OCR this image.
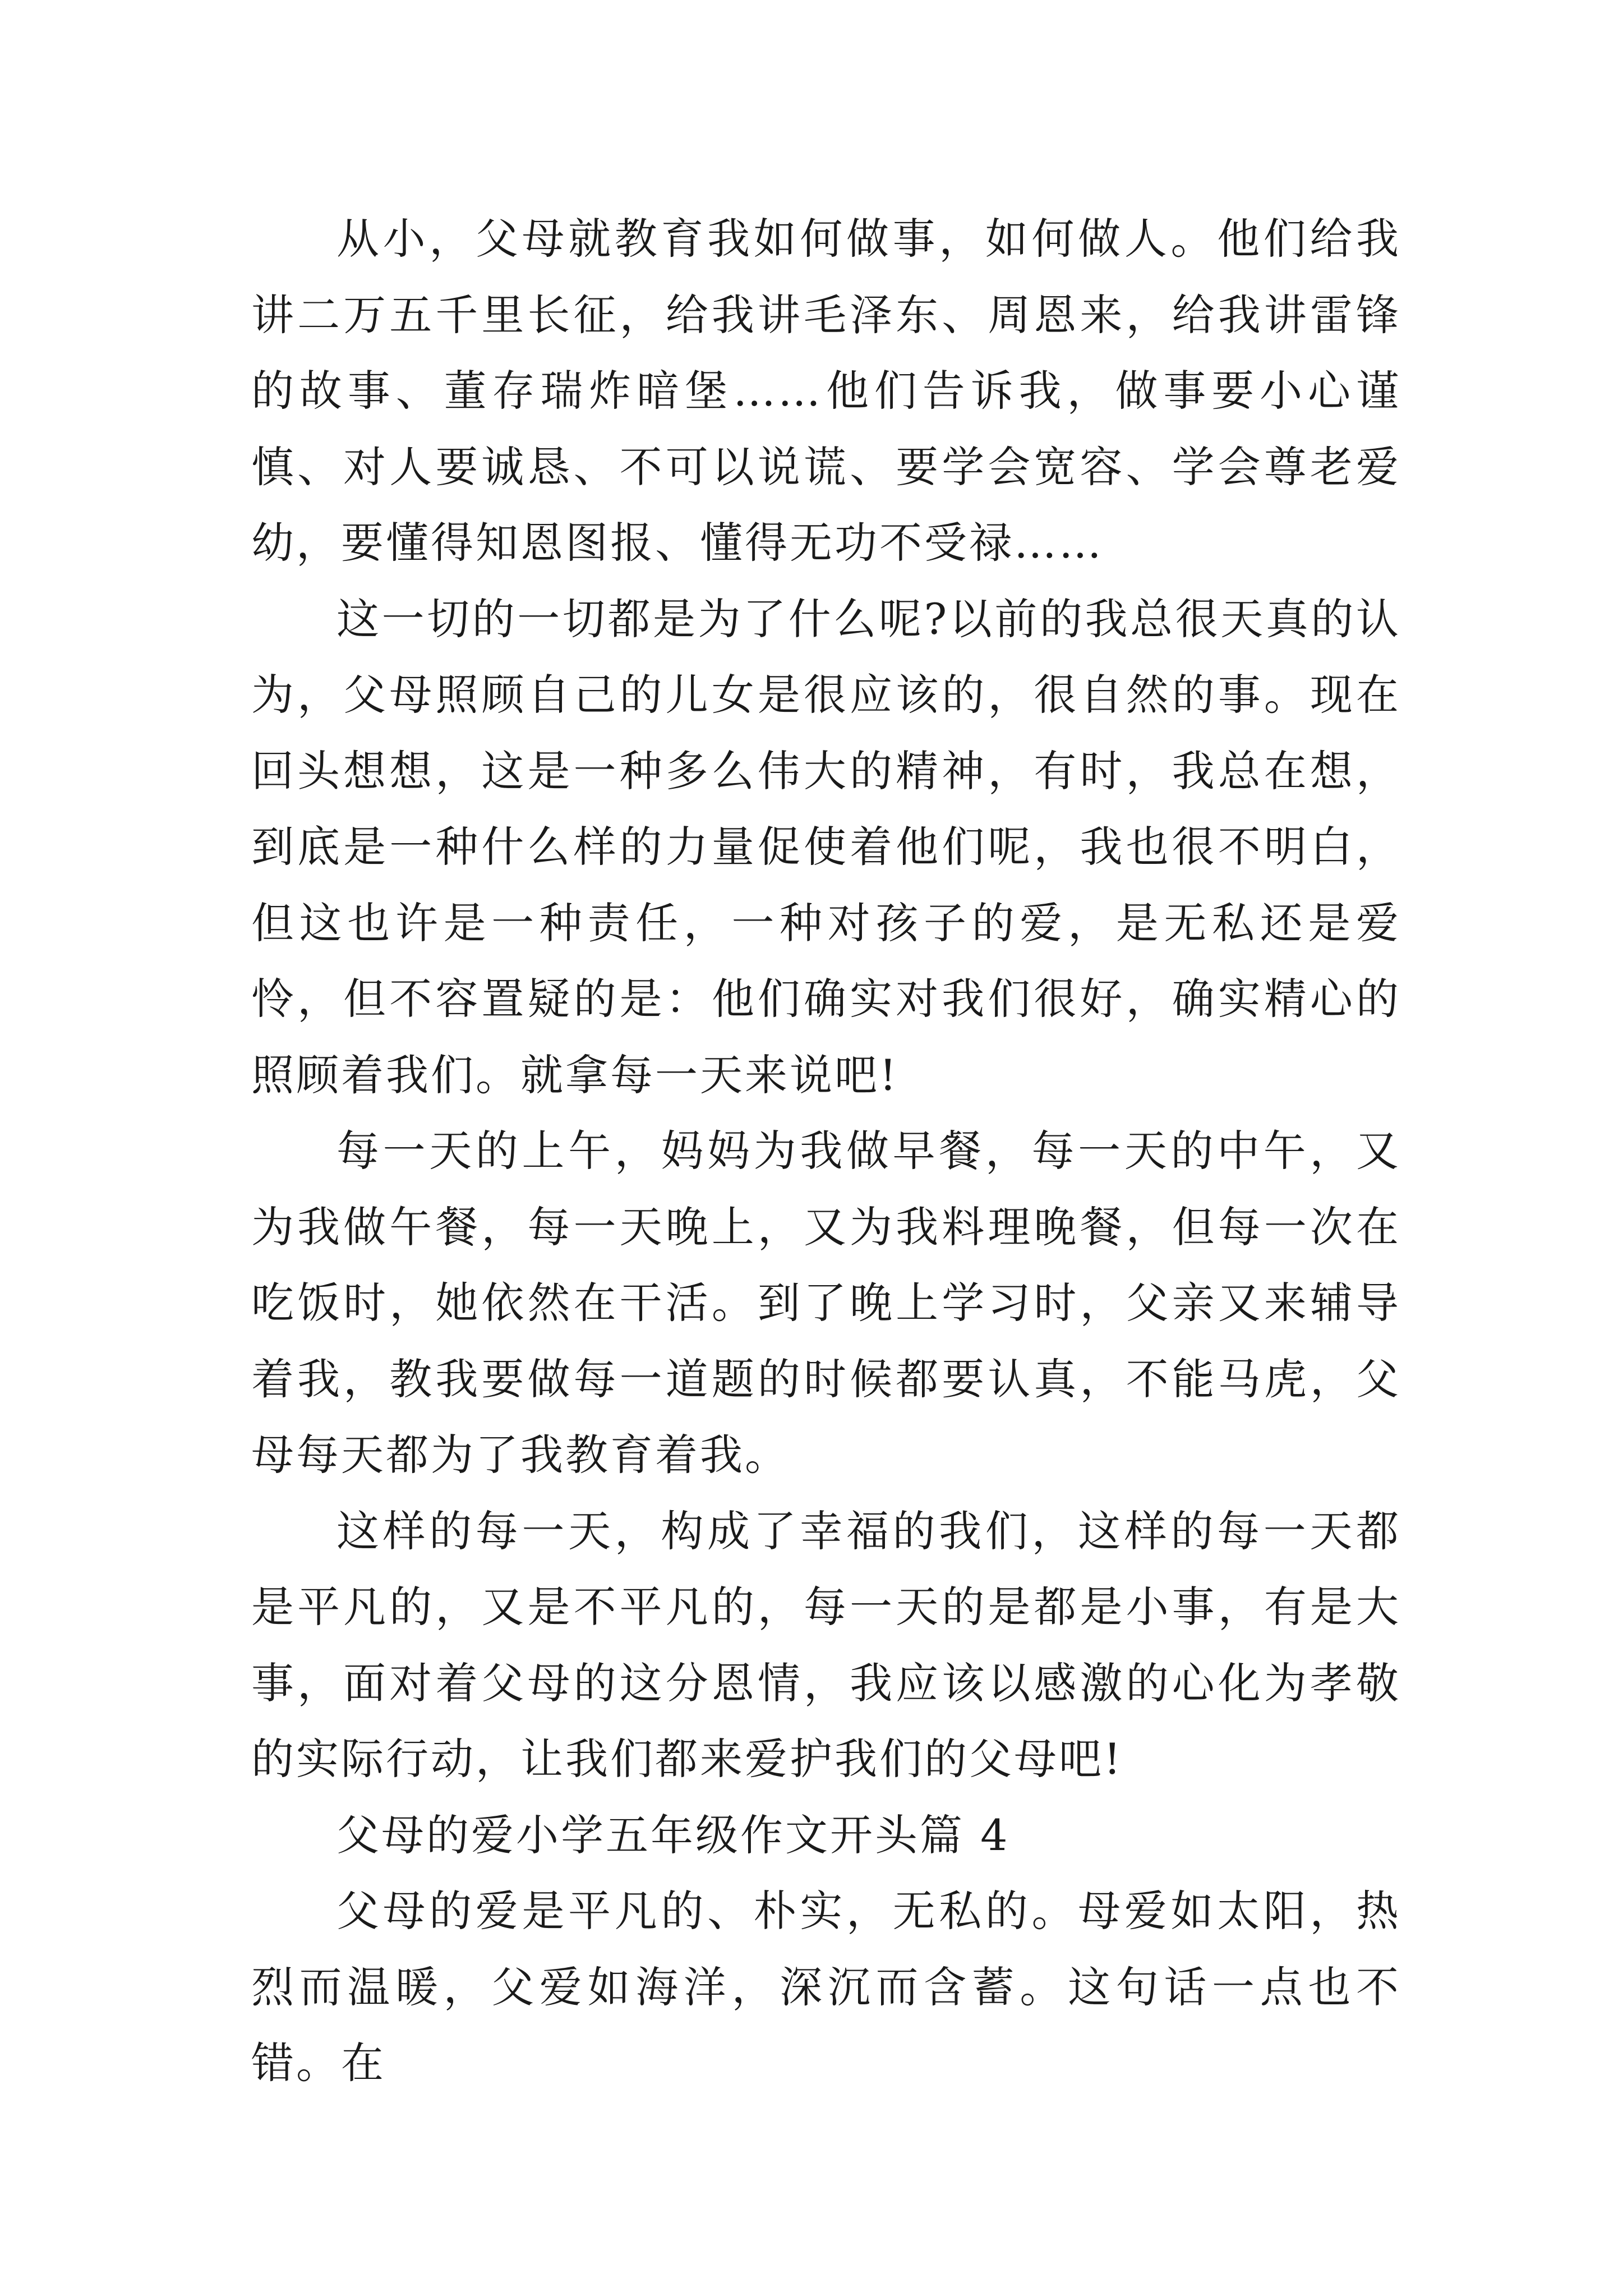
从小，父母就教育我如何做事，如何做人。他们给我讲二万五千里长征，给我讲毛泽东、周恩来，给我讲雷锋的故事、董存瑞炸暗堡……他们告诉我，做事要小心谨慎、对人要诚恳、不可以说谎、要学会宽容、学会尊老爱幼，要懂得知恩图报、懂得无功不受禄……

这一切的一切都是为了什么呢?以前的我总很天真的认为，父母照顾自己的儿女是很应该的，很自然的事。现在回头想想，这是一种多么伟大的精神，有时，我总在想，到底是一种什么样的力量促使着他们呢，我也很不明白，但这也许是一种责任，一种对孩子的爱，是无私还是爱怜，但不容置疑的是：他们确实对我们很好，确实精心的照顾着我们。就拿每一天来说吧!

每一天的上午，妈妈为我做早餐，每一天的中午，又为我做午餐，每一天晚上，又为我料理晚餐，但每一次在吃饭时，她依然在干活。到了晚上学习时，父亲又来辅导着我，教我要做每一道题的时候都要认真，不能马虎，父母每天都为了我教育着我。

这样的每一天，构成了幸福的我们，这样的每一天都是平凡的，又是不平凡的，每一天的是都是小事，有是大事，面对着父母的这分恩情，我应该以感激的心化为孝敬的实际行动，让我们都来爱护我们的父母吧!

父母的爱小学五年级作文开头篇 4

父母的爱是平凡的、朴实，无私的。母爱如太阳，热烈而温暖，父爱如海洋，深沉而含蓄。这句话一点也不错。在
